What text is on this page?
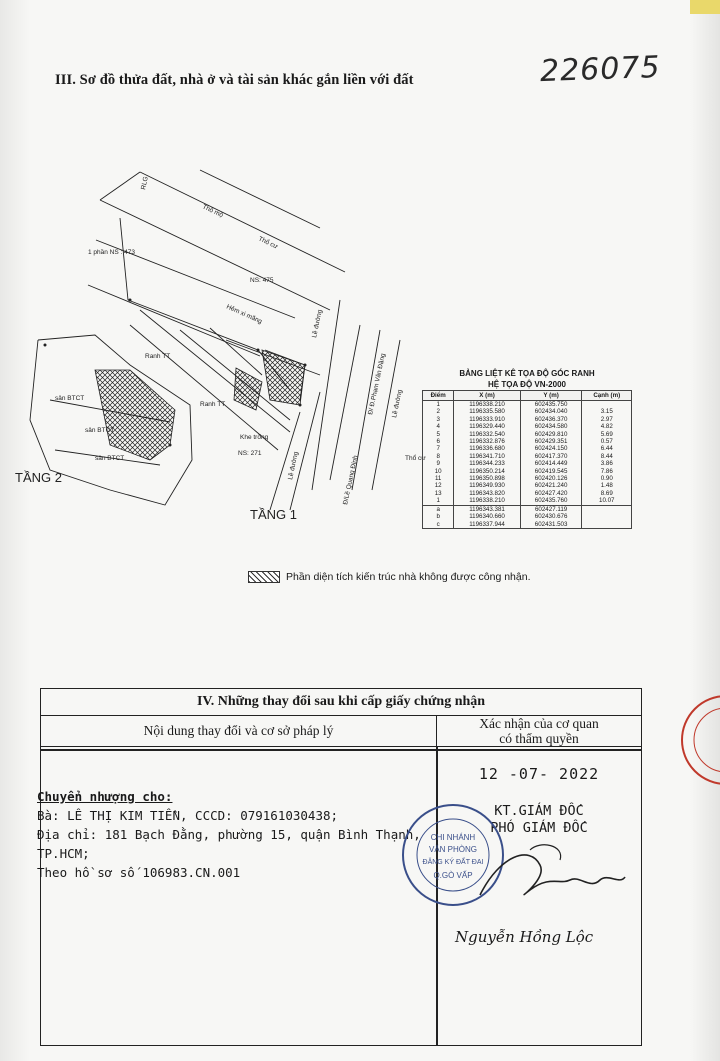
III. Sơ đồ thửa đất, nhà ở và tài sản khác gắn liền với đất	226075
Thổ mộ
Thổ cư
NS: 475
1 phần NS : 473
Hẻm xi măng
Ranh TT
Ranh TT
Khe trống
NS: 271
Lề đường
Lề đường
Lề đường
Đ/ Đ.Phạm Văn Đặng
Đ/Lề Quang Định	Thổ cư
sân BTCT
sân BTCT
sân BTCT
RLG
TẦNG 2
TẦNG 1
BẢNG LIỆT KÊ TỌA ĐỘ GÓC RANH
HỆ TỌA ĐỘ VN-2000
Điểm	X (m)	Y (m)	Cạnh (m)
1	1196338.210	602435.750	
2	1196335.580	602434.040	3.15
3	1196333.910	602436.370	2.97
4	1196329.440	602434.580	4.82
5	1196332.540	602429.810	5.69
6	1196332.876	602429.351	0.57
7	1196336.680	602424.150	6.44
8	1196341.710	602417.370	8.44
9	1196344.233	602414.449	3.86
10	1196350.214	602419.545	7.86
11	1196350.898	602420.126	0.90
12	1196349.930	602421.240	1.48
13	1196343.820	602427.420	8.69
1	1196338.210	602435.760	10.07
a	1196343.381	602427.119	
b	1196340.660	602430.676	
c	1196337.944	602431.503	
Phần diện tích kiến trúc nhà không được công nhận.
IV. Những thay đổi sau khi cấp giấy chứng nhận
Nội dung thay đổi và cơ sở pháp lý	Xác nhận của cơ quan
có thẩm quyền
Chuyển nhượng cho:
Bà: LÊ THỊ KIM TIỀN, CCCD: 079161030438;
Địa chỉ: 181 Bạch Đằng, phường 15, quận Bình Thạnh,
TP.HCM;
Theo hồ sơ số 106983.CN.001
12 -07- 2022
KT.GIÁM ĐỐC
PHÓ GIÁM ĐỐC
CHI NHÁNH
VĂN PHÒNG
ĐĂNG KÝ ĐẤT ĐAI
Q.GÒ VẤP
Nguyễn Hồng Lộc
